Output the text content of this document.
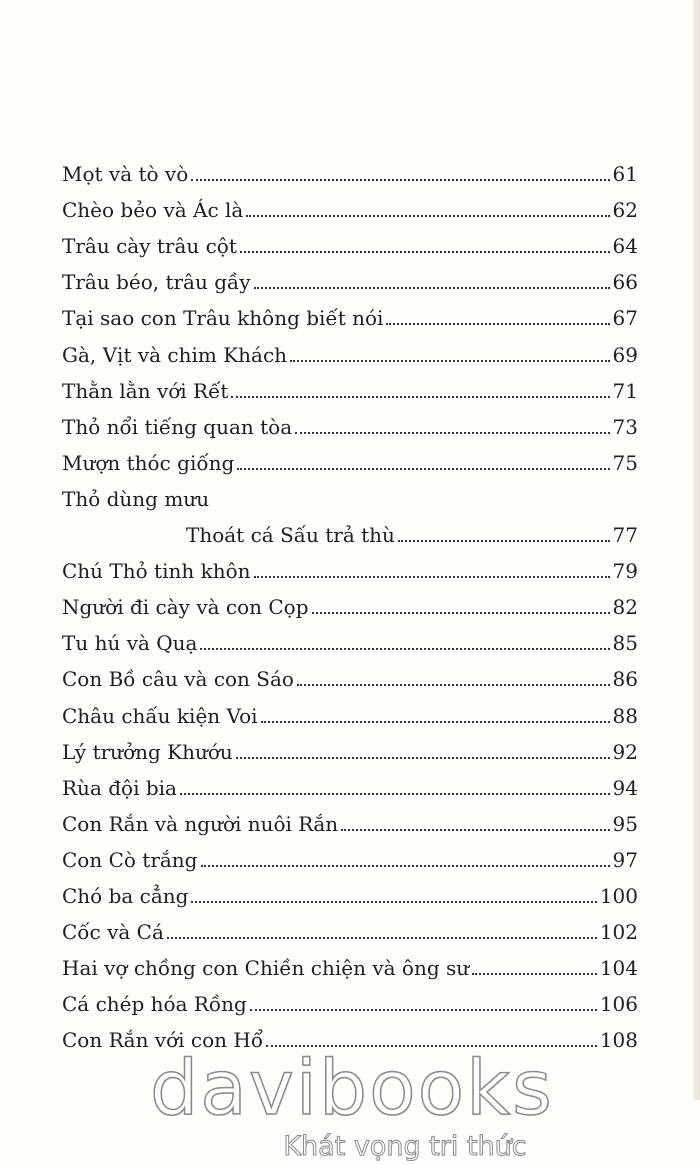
Mọt và tò vò	61
Chèo bẻo và Ác là	62
Trâu cày trâu cột	64
Trâu béo, trâu gầy	66
Tại sao con Trâu không biết nói	67
Gà, Vịt và chim Khách	69
Thằn lằn với Rết	71
Thỏ nổi tiếng quan tòa	73
Mượn thóc giống	75
Thỏ dùng mưu
Thoát cá Sấu trả thù	77
Chú Thỏ tinh khôn	79
Người đi cày và con Cọp	82
Tu hú và Quạ	85
Con Bồ câu và con Sáo	86
Châu chấu kiện Voi	88
Lý trưởng Khướu	92
Rùa đội bia	94
Con Rắn và người nuôi Rắn	95
Con Cò trắng	97
Chó ba cẳng	100
Cốc và Cá	102
Hai vợ chồng con Chiền chiện và ông sư	104
Cá chép hóa Rồng	106
Con Rắn với con Hổ	108
davibooks
Khát vọng tri thức
